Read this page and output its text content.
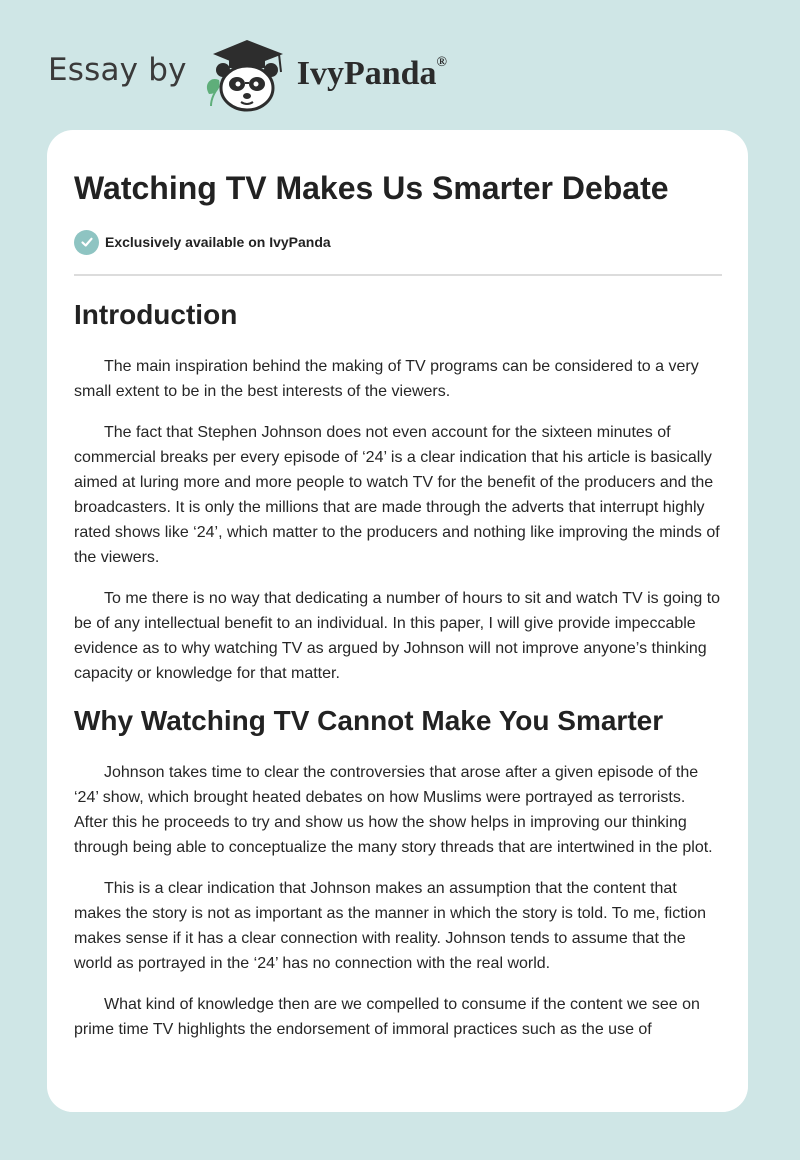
Essay by	IvyPanda®
Watching TV Makes Us Smarter Debate
Exclusively available on IvyPanda
Introduction

The main inspiration behind the making of TV programs can be considered to a very small extent to be in the best interests of the viewers.

The fact that Stephen Johnson does not even account for the sixteen minutes of commercial breaks per every episode of ‘24’ is a clear indication that his article is basically aimed at luring more and more people to watch TV for the benefit of the producers and the broadcasters. It is only the millions that are made through the adverts that interrupt highly rated shows like ‘24’, which matter to the producers and nothing like improving the minds of the viewers.

To me there is no way that dedicating a number of hours to sit and watch TV is going to be of any intellectual benefit to an individual. In this paper, I will give provide impeccable evidence as to why watching TV as argued by Johnson will not improve anyone’s thinking capacity or knowledge for that matter.

Why Watching TV Cannot Make You Smarter

Johnson takes time to clear the controversies that arose after a given episode of the ‘24’ show, which brought heated debates on how Muslims were portrayed as terrorists. After this he proceeds to try and show us how the show helps in improving our thinking through being able to conceptualize the many story threads that are intertwined in the plot.

This is a clear indication that Johnson makes an assumption that the content that makes the story is not as important as the manner in which the story is told. To me, fiction makes sense if it has a clear connection with reality. Johnson tends to assume that the world as portrayed in the ‘24’ has no connection with the real world.

What kind of knowledge then are we compelled to consume if the content we see on prime time TV highlights the endorsement of immoral practices such as the use of
